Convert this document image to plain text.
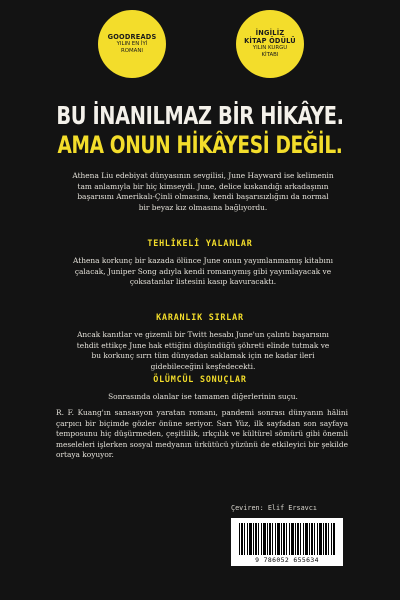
GOODREADS
YILIN EN İYİ
ROMANI
İNGİLİZ
KİTAP ÖDÜLÜ
YILIN KURGU
KİTABI
BU İNANILMAZ BİR HİKÂYE.
AMA ONUN HİKÂYESİ DEĞİL.
Athena Liu edebiyat dünyasının sevgilisi, June Hayward ise kelimenin tam anlamıyla bir hiç kimseydi. June, delice kıskandığı arkadaşının başarısını Amerikalı-Çinli olmasına, kendi başarısızlığını da normal bir beyaz kız olmasına bağlıyordu.
TEHLİKELİ YALANLAR
Athena korkunç bir kazada ölünce June onun yayımlanmamış kitabını çalacak, Juniper Song adıyla kendi romanıymış gibi yayımlayacak ve çoksatanlar listesini kasıp kavuracaktı.
KARANLIK SIRLAR
Ancak kanıtlar ve gizemli bir Twitt hesabı June'un çalıntı başarısını tehdit ettikçe June hak ettiğini düşündüğü şöhreti elinde tutmak ve bu korkunç sırrı tüm dünyadan saklamak için ne kadar ileri gidebileceğini keşfedecekti.
ÖLÜMCÜL SONUÇLAR
Sonrasında olanlar ise tamamen diğerlerinin suçu.
R. F. Kuang'ın sansasyon yaratan romanı, pandemi sonrası dünyanın hâlini çarpıcı bir biçimde gözler önüne seriyor. Sarı Yüz, ilk sayfadan son sayfaya temposunu hiç düşürmeden, çeşitlilik, ırkçılık ve kültürel sömürü gibi önemli meseleleri işlerken sosyal medyanın ürkütücü yüzünü de etkileyici bir şekilde ortaya koyuyor.
Çeviren: Elif Ersavcı
9 786052 655634
